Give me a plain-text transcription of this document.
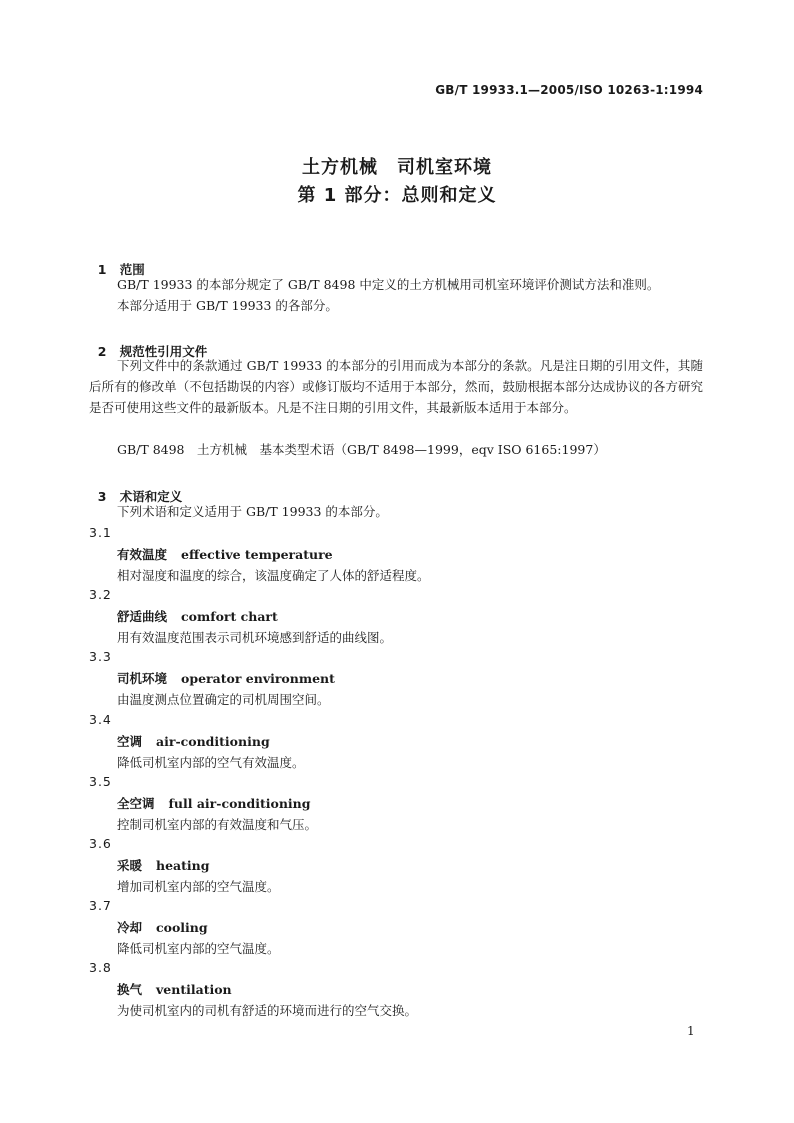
GB/T 19933.1—2005/ISO 10263-1:1994
土方机械　司机室环境
第 1 部分：总则和定义

1 范围

GB/T 19933 的本部分规定了 GB/T 8498 中定义的土方机械用司机室环境评价测试方法和准则。
本部分适用于 GB/T 19933 的各部分。

2 规范性引用文件

下列文件中的条款通过 GB/T 19933 的本部分的引用而成为本部分的条款。凡是注日期的引用文件，其随后所有的修改单（不包括勘误的内容）或修订版均不适用于本部分，然而，鼓励根据本部分达成协议的各方研究是否可使用这些文件的最新版本。凡是不注日期的引用文件，其最新版本适用于本部分。
GB/T 8498　土方机械　基本类型术语（GB/T 8498—1999，eqv ISO 6165:1997）

3 术语和定义

下列术语和定义适用于 GB/T 19933 的本部分。
3.1
有效温度 effective temperature
相对湿度和温度的综合，该温度确定了人体的舒适程度。
3.2
舒适曲线 comfort chart
用有效温度范围表示司机环境感到舒适的曲线图。
3.3
司机环境 operator environment
由温度测点位置确定的司机周围空间。
3.4
空调 air-conditioning
降低司机室内部的空气有效温度。
3.5
全空调 full air-conditioning
控制司机室内部的有效温度和气压。
3.6
采暖 heating
增加司机室内部的空气温度。
3.7
冷却 cooling
降低司机室内部的空气温度。
3.8
换气 ventilation
为使司机室内的司机有舒适的环境而进行的空气交换。
1
